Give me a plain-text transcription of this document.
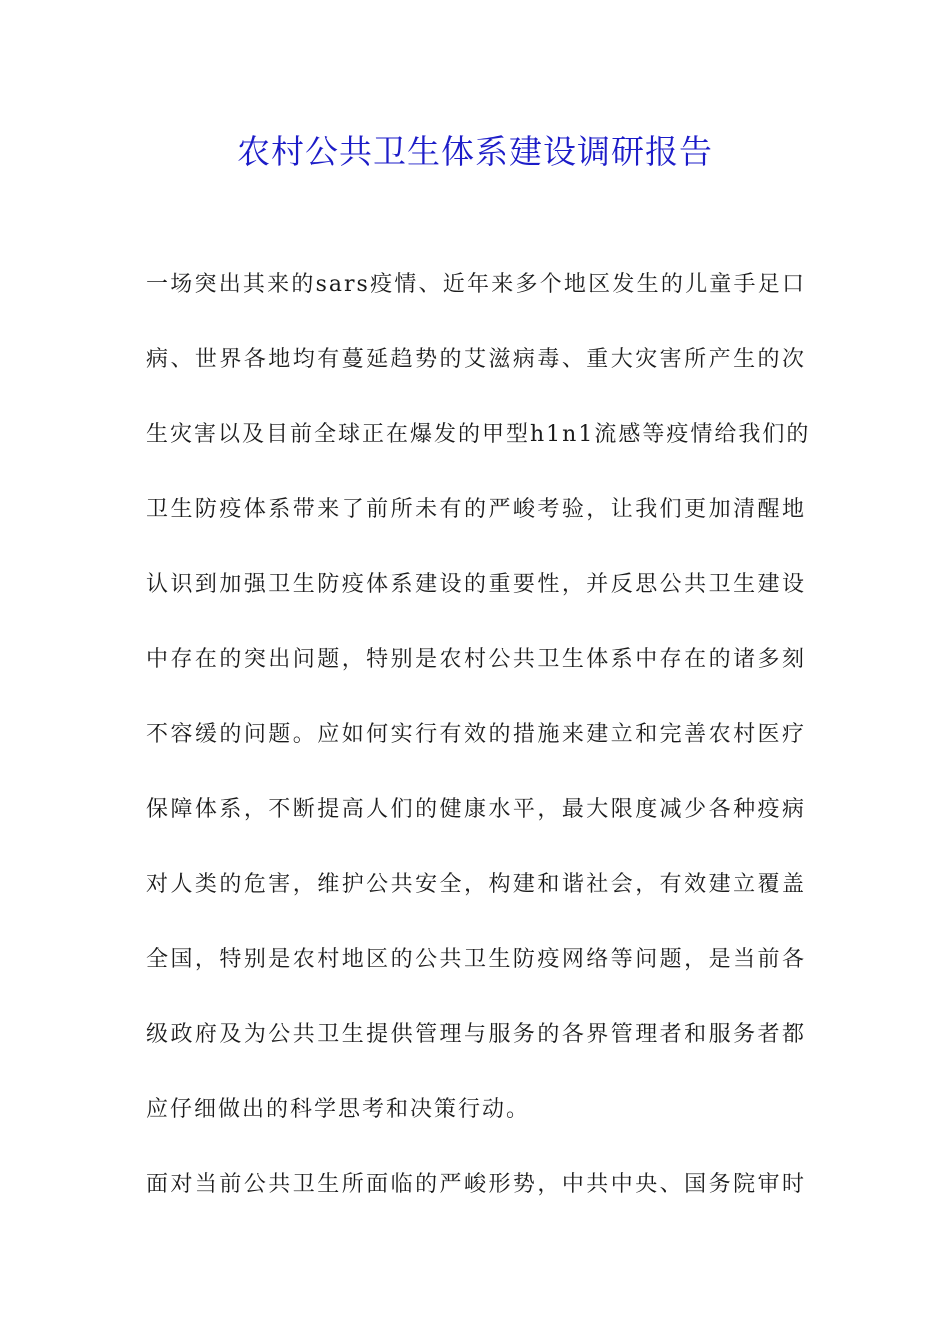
农村公共卫生体系建设调研报告
一场突出其来的sars疫情、近年来多个地区发生的儿童手足口
病、世界各地均有蔓延趋势的艾滋病毒、重大灾害所产生的次
生灾害以及目前全球正在爆发的甲型h1n1流感等疫情给我们的
卫生防疫体系带来了前所未有的严峻考验，让我们更加清醒地
认识到加强卫生防疫体系建设的重要性，并反思公共卫生建设
中存在的突出问题，特别是农村公共卫生体系中存在的诸多刻
不容缓的问题。应如何实行有效的措施来建立和完善农村医疗
保障体系，不断提高人们的健康水平，最大限度减少各种疫病
对人类的危害，维护公共安全，构建和谐社会，有效建立覆盖
全国，特别是农村地区的公共卫生防疫网络等问题，是当前各
级政府及为公共卫生提供管理与服务的各界管理者和服务者都
应仔细做出的科学思考和决策行动。
面对当前公共卫生所面临的严峻形势，中共中央、国务院审时
